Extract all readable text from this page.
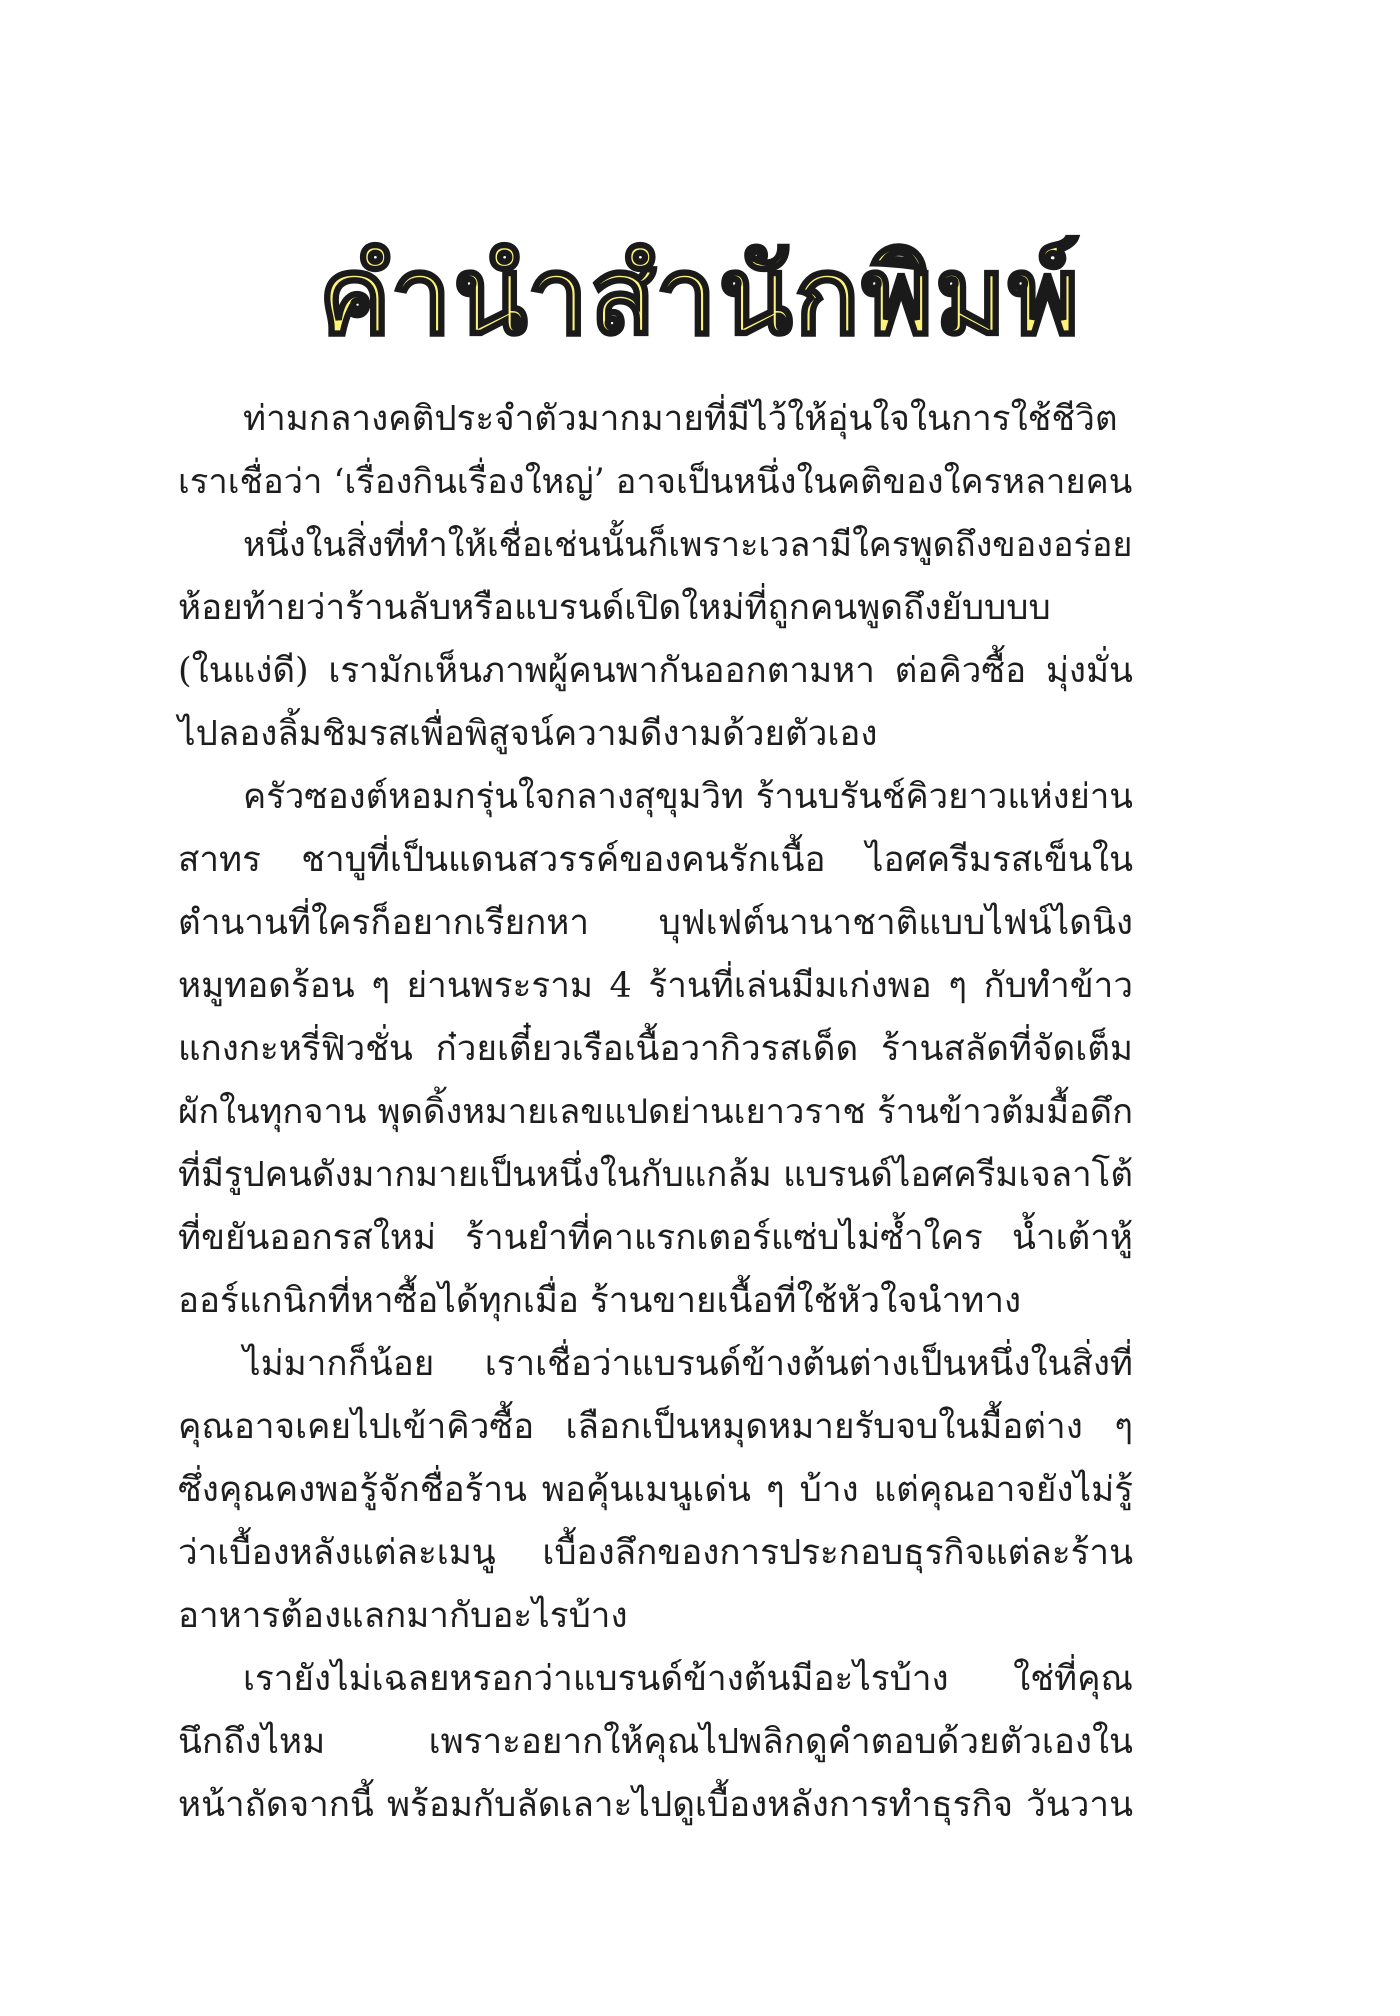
คำนำสำนักพิมพ์
ท่ามกลางคติประจำตัวมากมายที่มีไว้ให้อุ่นใจในการใช้ชีวิต
เราเชื่อว่า ‘เรื่องกินเรื่องใหญ่’ อาจเป็นหนึ่งในคติของใครหลายคน
หนึ่งในสิ่งที่ทำให้เชื่อเช่นนั้นก็เพราะเวลามีใครพูดถึงของอร่อย
ห้อยท้ายว่าร้านลับหรือแบรนด์เปิดใหม่ที่ถูกคนพูดถึงยับบบบ
(ในแง่ดี) เรามักเห็นภาพผู้คนพากันออกตามหา ต่อคิวซื้อ มุ่งมั่น
ไปลองลิ้มชิมรสเพื่อพิสูจน์ความดีงามด้วยตัวเอง
ครัวซองต์หอมกรุ่นใจกลางสุขุมวิท ร้านบรันช์คิวยาวแห่งย่าน
สาทร ชาบูที่เป็นแดนสวรรค์ของคนรักเนื้อ ไอศครีมรสเข็นใน
ตำนานที่ใครก็อยากเรียกหา บุฟเฟต์นานาชาติแบบไฟน์ไดนิง
หมูทอดร้อน ๆ ย่านพระราม 4 ร้านที่เล่นมีมเก่งพอ ๆ กับทำข้าว
แกงกะหรี่ฟิวชั่น ก๋วยเตี๋ยวเรือเนื้อวากิวรสเด็ด ร้านสลัดที่จัดเต็ม
ผักในทุกจาน พุดดิ้งหมายเลขแปดย่านเยาวราช ร้านข้าวต้มมื้อดึก
ที่มีรูปคนดังมากมายเป็นหนึ่งในกับแกล้ม แบรนด์ไอศครีมเจลาโต้
ที่ขยันออกรสใหม่ ร้านยำที่คาแรกเตอร์แซ่บไม่ซ้ำใคร น้ำเต้าหู้
ออร์แกนิกที่หาซื้อได้ทุกเมื่อ ร้านขายเนื้อที่ใช้หัวใจนำทาง
ไม่มากก็น้อย เราเชื่อว่าแบรนด์ข้างต้นต่างเป็นหนึ่งในสิ่งที่
คุณอาจเคยไปเข้าคิวซื้อ เลือกเป็นหมุดหมายรับจบในมื้อต่าง ๆ
ซึ่งคุณคงพอรู้จักชื่อร้าน พอคุ้นเมนูเด่น ๆ บ้าง แต่คุณอาจยังไม่รู้
ว่าเบื้องหลังแต่ละเมนู เบื้องลึกของการประกอบธุรกิจแต่ละร้าน
อาหารต้องแลกมากับอะไรบ้าง
เรายังไม่เฉลยหรอกว่าแบรนด์ข้างต้นมีอะไรบ้าง ใช่ที่คุณ
นึกถึงไหม เพราะอยากให้คุณไปพลิกดูคำตอบด้วยตัวเองใน
หน้าถัดจากนี้ พร้อมกับลัดเลาะไปดูเบื้องหลังการทำธุรกิจ วันวาน
